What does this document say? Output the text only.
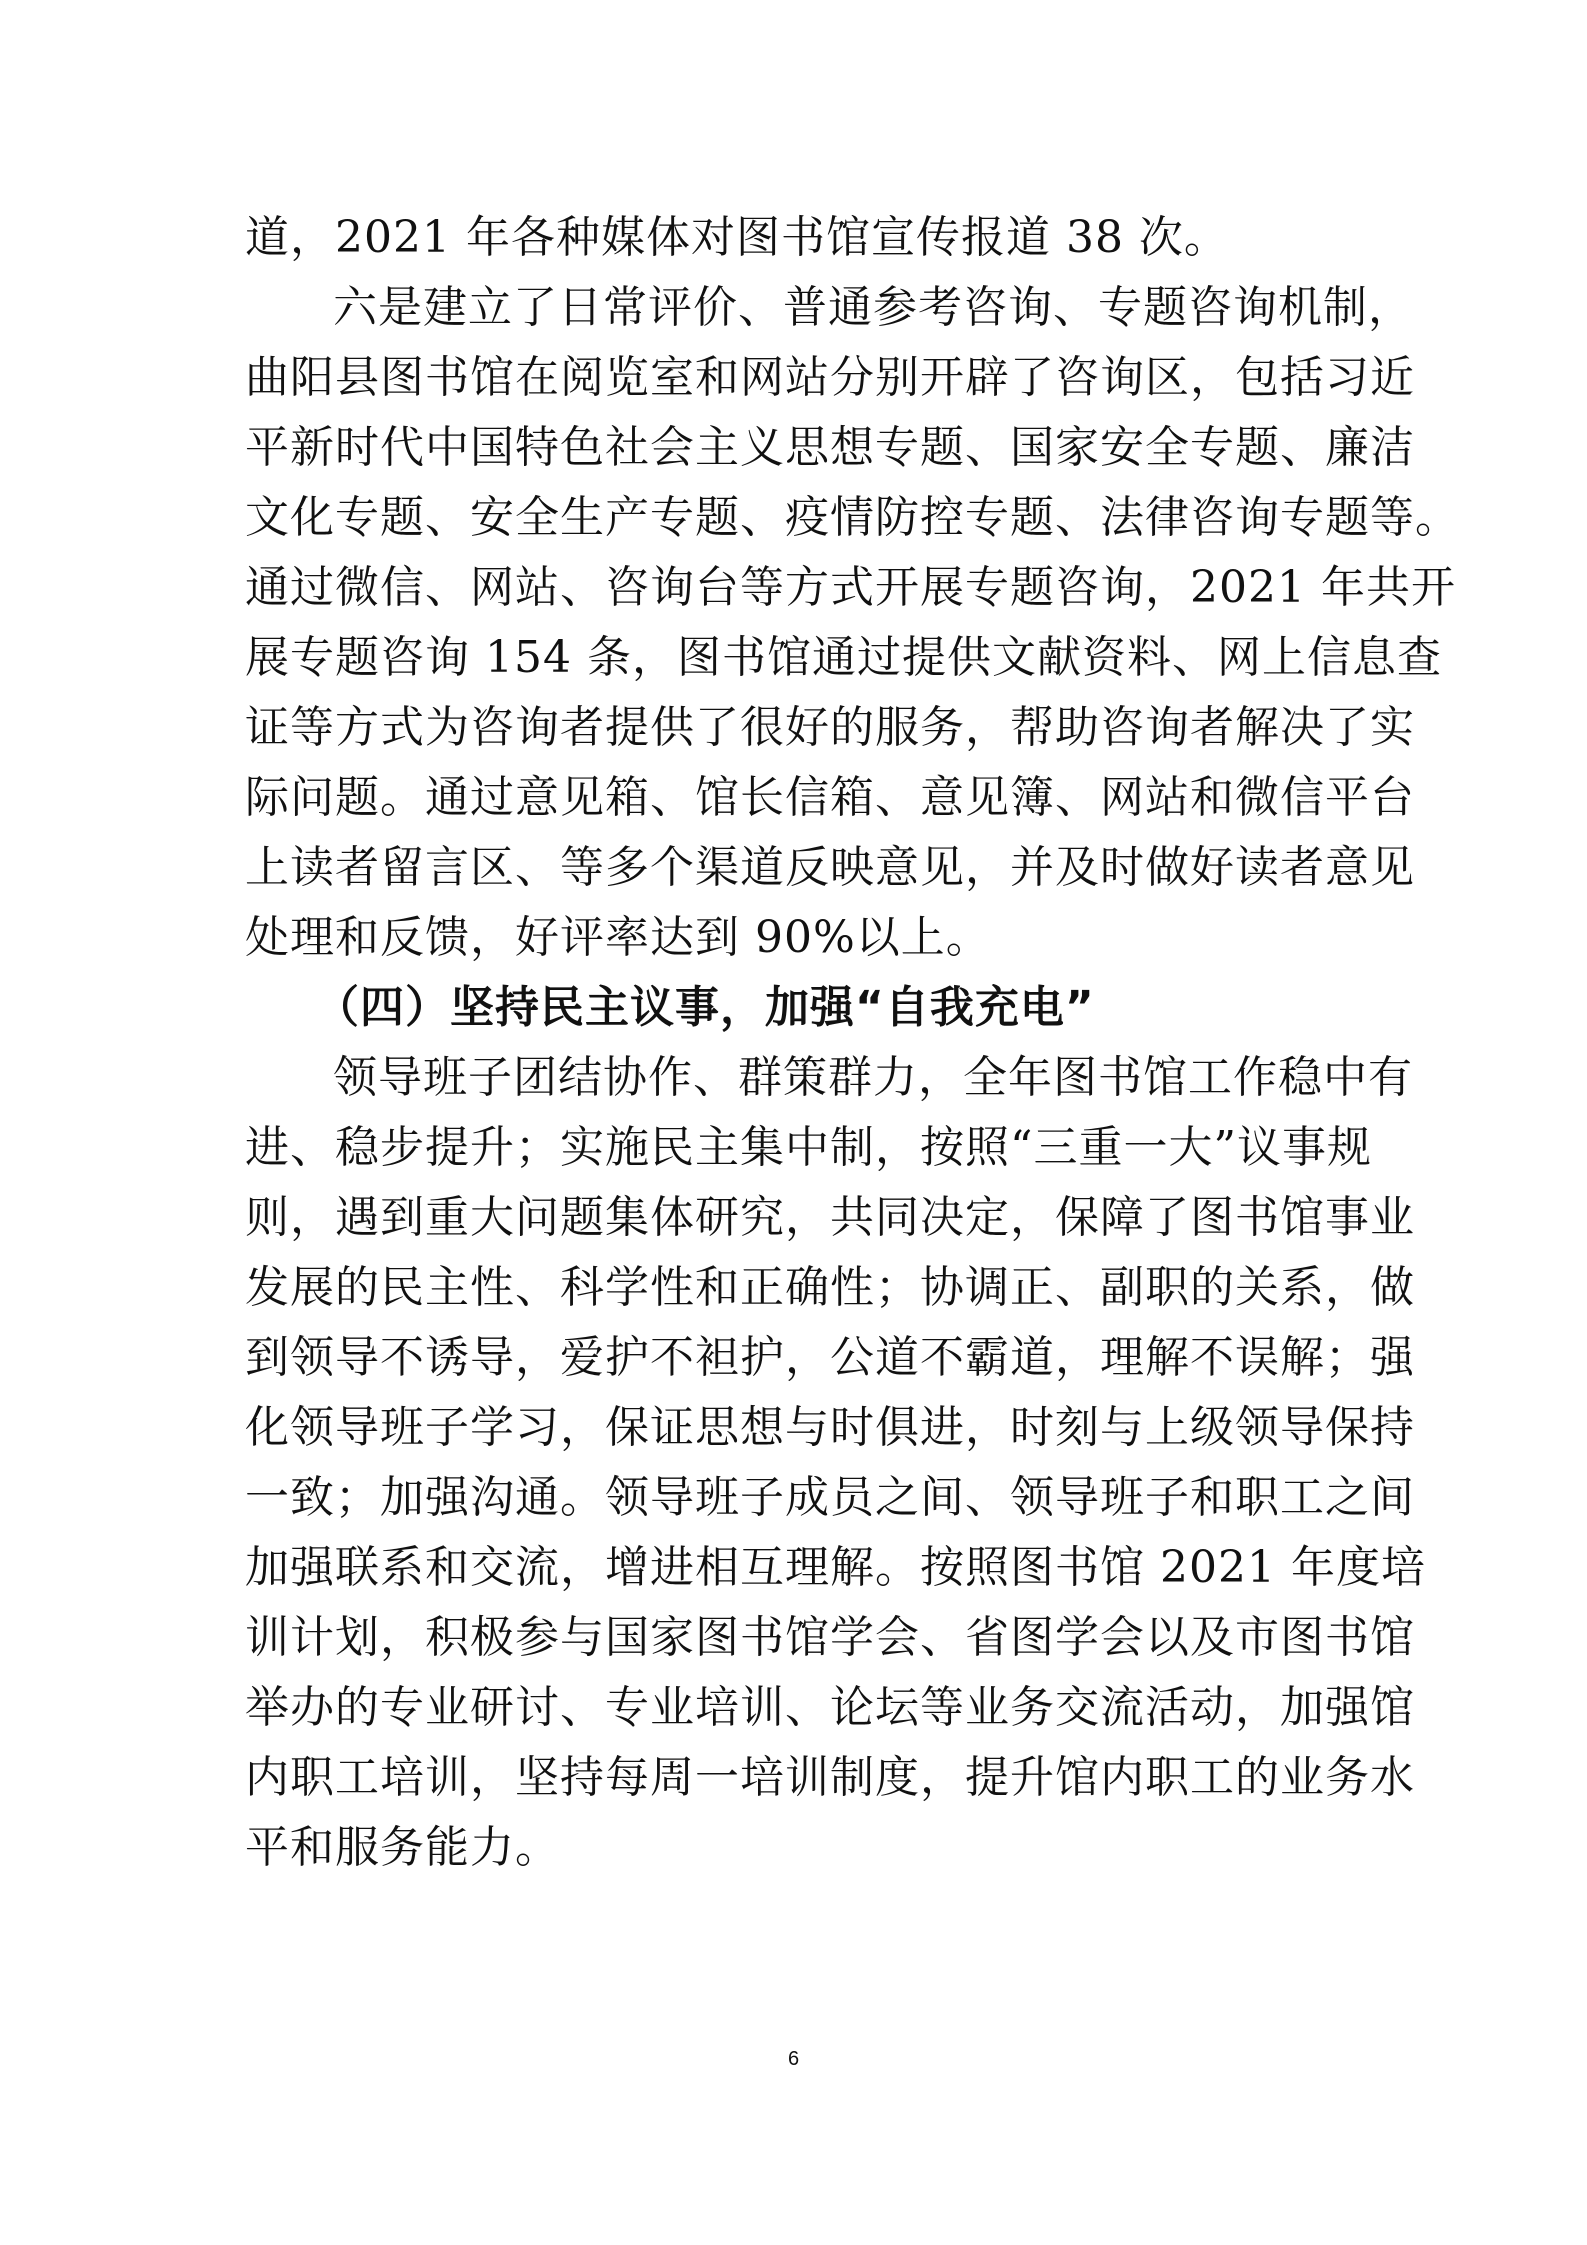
道，2021 年各种媒体对图书馆宣传报道 38 次。
六是建立了日常评价、普通参考咨询、专题咨询机制，
曲阳县图书馆在阅览室和网站分别开辟了咨询区，包括习近
平新时代中国特色社会主义思想专题、国家安全专题、廉洁
文化专题、安全生产专题、疫情防控专题、法律咨询专题等。
通过微信、网站、咨询台等方式开展专题咨询，2021 年共开
展专题咨询 154 条，图书馆通过提供文献资料、网上信息查
证等方式为咨询者提供了很好的服务，帮助咨询者解决了实
际问题。通过意见箱、馆长信箱、意见簿、网站和微信平台
上读者留言区、等多个渠道反映意见，并及时做好读者意见
处理和反馈，好评率达到 90%以上。
（四）坚持民主议事，加强“自我充电”
领导班子团结协作、群策群力，全年图书馆工作稳中有
进、稳步提升；实施民主集中制，按照“三重一大”议事规
则，遇到重大问题集体研究，共同决定，保障了图书馆事业
发展的民主性、科学性和正确性；协调正、副职的关系，做
到领导不诱导，爱护不袒护，公道不霸道，理解不误解；强
化领导班子学习，保证思想与时俱进，时刻与上级领导保持
一致；加强沟通。领导班子成员之间、领导班子和职工之间
加强联系和交流，增进相互理解。按照图书馆 2021 年度培
训计划，积极参与国家图书馆学会、省图学会以及市图书馆
举办的专业研讨、专业培训、论坛等业务交流活动，加强馆
内职工培训，坚持每周一培训制度，提升馆内职工的业务水
平和服务能力。
6
